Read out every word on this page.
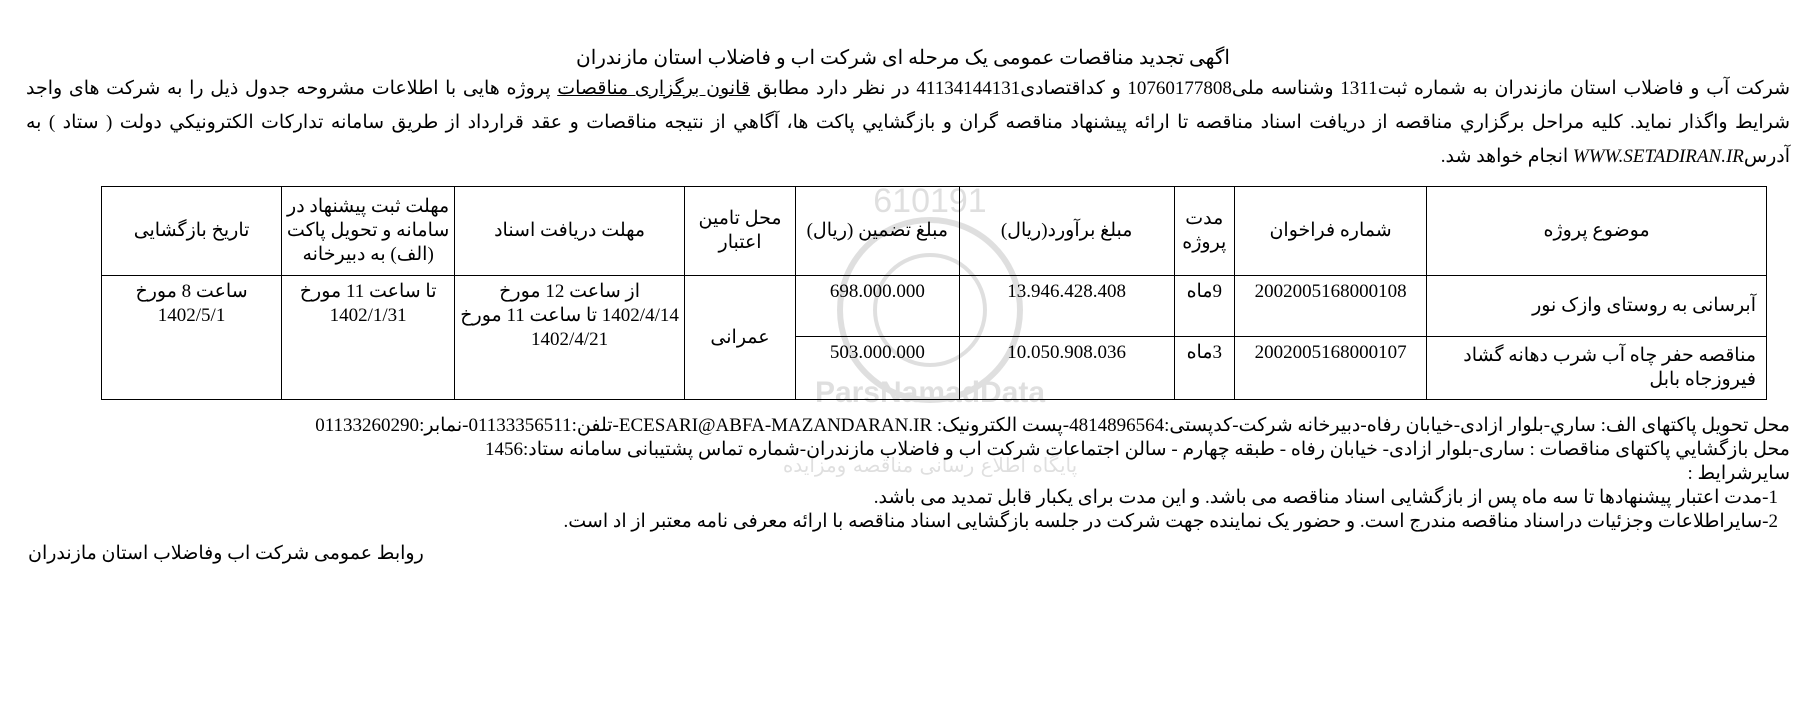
اگهی تجدید مناقصات عمومی یک مرحله ای شرکت اب و فاضلاب استان مازندران
شرکت آب و فاضلاب استان مازندران به شماره ثبت1311 وشناسه ملی10760177808 و کداقتصادی41134144131 در نظر دارد مطابق قانون برگزاری مناقصات پروژه هایی با اطلاعات مشروحه جدول ذیل را به شرکت های واجد شرایط واگذار نماید. کلیه مراحل برگزاري مناقصه از دریافت اسناد مناقصه تا ارائه پیشنهاد مناقصه گران و بازگشايي پاکت ها، آگاهي از نتیجه مناقصات و عقد قرارداد از طریق سامانه تداركات الكترونیكي دولت ( ستاد ) به آدرسWWW.SETADIRAN.IR انجام خواهد شد.
610191
ParsNamadData
پایگاه اطلاع رسانی مناقصه ومزایده
موضوع پروژه	شماره فراخوان	مدت پروژه	مبلغ برآورد(ریال)	مبلغ تضمین (ریال)	محل تامین اعتبار	مهلت دریافت اسناد	مهلت ثبت پیشنهاد در سامانه و تحویل پاکت (الف) به دبیرخانه	تاریخ بازگشایی
آبرسانی به روستای وازک نور	2002005168000108	9ماه	13.946.428.408	698.000.000	عمرانی	از ساعت 12 مورخ 1402/4/14 تا ساعت 11 مورخ 1402/4/21	تا ساعت 11 مورخ 1402/1/31	ساعت 8 مورخ 1402/5/1
مناقصه حفر چاه آب شرب دهانه گشاد فیروزجاه بابل	2002005168000107	3ماه	10.050.908.036	503.000.000				
محل تحويل پاکتهای الف: ساري-بلوار ازادی-خیابان رفاه-دبیرخانه شرکت-کدپستی:4814896564-پست الکترونیک: ECESARI@ABFA-MAZANDARAN.IR-تلفن:01133356511-نمابر:01133260290
محل بازگشايي پاكتهای مناقصات : ساری-بلوار ازادی- خیابان رفاه - طبقه چهارم - سالن اجتماعات شرکت اب و فاضلاب مازندران-شماره تماس پشتیبانی سامانه ستاد:1456
سایرشرایط :
1-مدت اعتبار پیشنهادها تا سه ماه پس از بازگشایی اسناد مناقصه می باشد. و این مدت برای یکبار قابل تمدید می باشد.
2-سایراطلاعات وجزئیات دراسناد مناقصه مندرج است. و حضور یک نماینده جهت شرکت در جلسه بازگشایی اسناد مناقصه با ارائه معرفی نامه معتبر از اد است.
روابط عمومی شرکت اب وفاضلاب استان مازندران
